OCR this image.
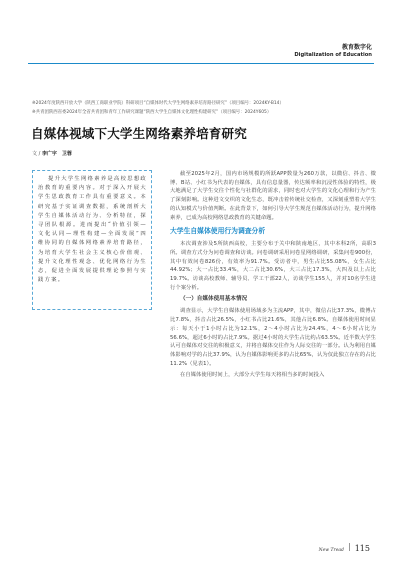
教育数字化
Digitalization of Education
※2024年度陕西开放大学（陕西工商职业学院）科研项目“自媒体时代大学生网络素养培育路径研究”（项目编号：2024KY-B14）
※共青团陕西省委2024年全省共青团和青年工作研究课题“陕西大学生自媒体文化理性构建研究”（项目编号：2024Y605）
自媒体视域下大学生网络素养培育研究
文 / 李广宇　卫蓉

提升大学生网络素养是高校思想政治教育的重要内容。对于深入开展大学生思政教育工作具有重要意义。本研究基于实证调查数据，系统剖析大学生自媒体活动行为、分析特征，探寻团队根源。进而提出“价值引领—文化认同—理性构建—全面发展”四维协同的自媒体网络素养培育路径，为培育大学生社会主义核心价值观、提升文化理性观念、优化网络行为生态，促进全面发展提供理论参照与实践方案。

截至2025年2月，国内市场规模的所跃APP数量为260万款，以微信、抖音、微博、B站、小红书为代表的自媒体，具有信息量器，传达频率和沉浸性体验的特性，极大地满足了大学生交往个性化与社群化的需求，同时也对大学生的文化心理和行为产生了深刻影响。这种进文交织的文化生态，既冲击着传统社交检查，又深刻重塑着大学生的认知模式与价值判断。在此背景下，如何引导大学生规范自媒体活动行为，提升网络素养，已成为高校网络思政教育的关键命题。

大学生自媒体使用行为调查分析

本次调查涉及5所陕西高校，主要分布于关中和陕南地区，其中本科2所，高职3所。调查方式分为问卷调查和访谈。问卷调研采用问卷星网络调研，采集问卷900份，其中有效问卷826份，有效率为91.7%。受访者中，男生占比55.08%，女生占比44.92%；大一占比33.4%，大二占比30.6%，大三占比17.3%，大四及以上占比19.7%。访谈高校教师、辅导员、学工干部22人，访谈学生155人，并对10名学生进行个案分析。

（一）自媒体使用基本情况

调查显示，大学生自媒体使用场域多为主流APP，其中，微信占比37.3%，微博占比7.8%，抖音占比26.5%，小红书占比21.6%，其他占比6.8%。自媒体使用时间显示：每天小于1小时占比为12.1%，2～4小时占比为24.4%，4～6小时占比为56.6%，超过6小时的占比7.9%。据过4小时的大学生占比约占63.5%。近半数大学生认可自媒体对交往的积极意义，并将自媒体交往作为人际交往的一部分。认为利用自媒体影响对学的占比37.9%，认为自媒体影响更多的占比65%，认为仅此独立存在的占比11.2%（见表1）。

在自媒体使用时间上，大部分大学生每天将相当多的时间投入

New Tread 115
